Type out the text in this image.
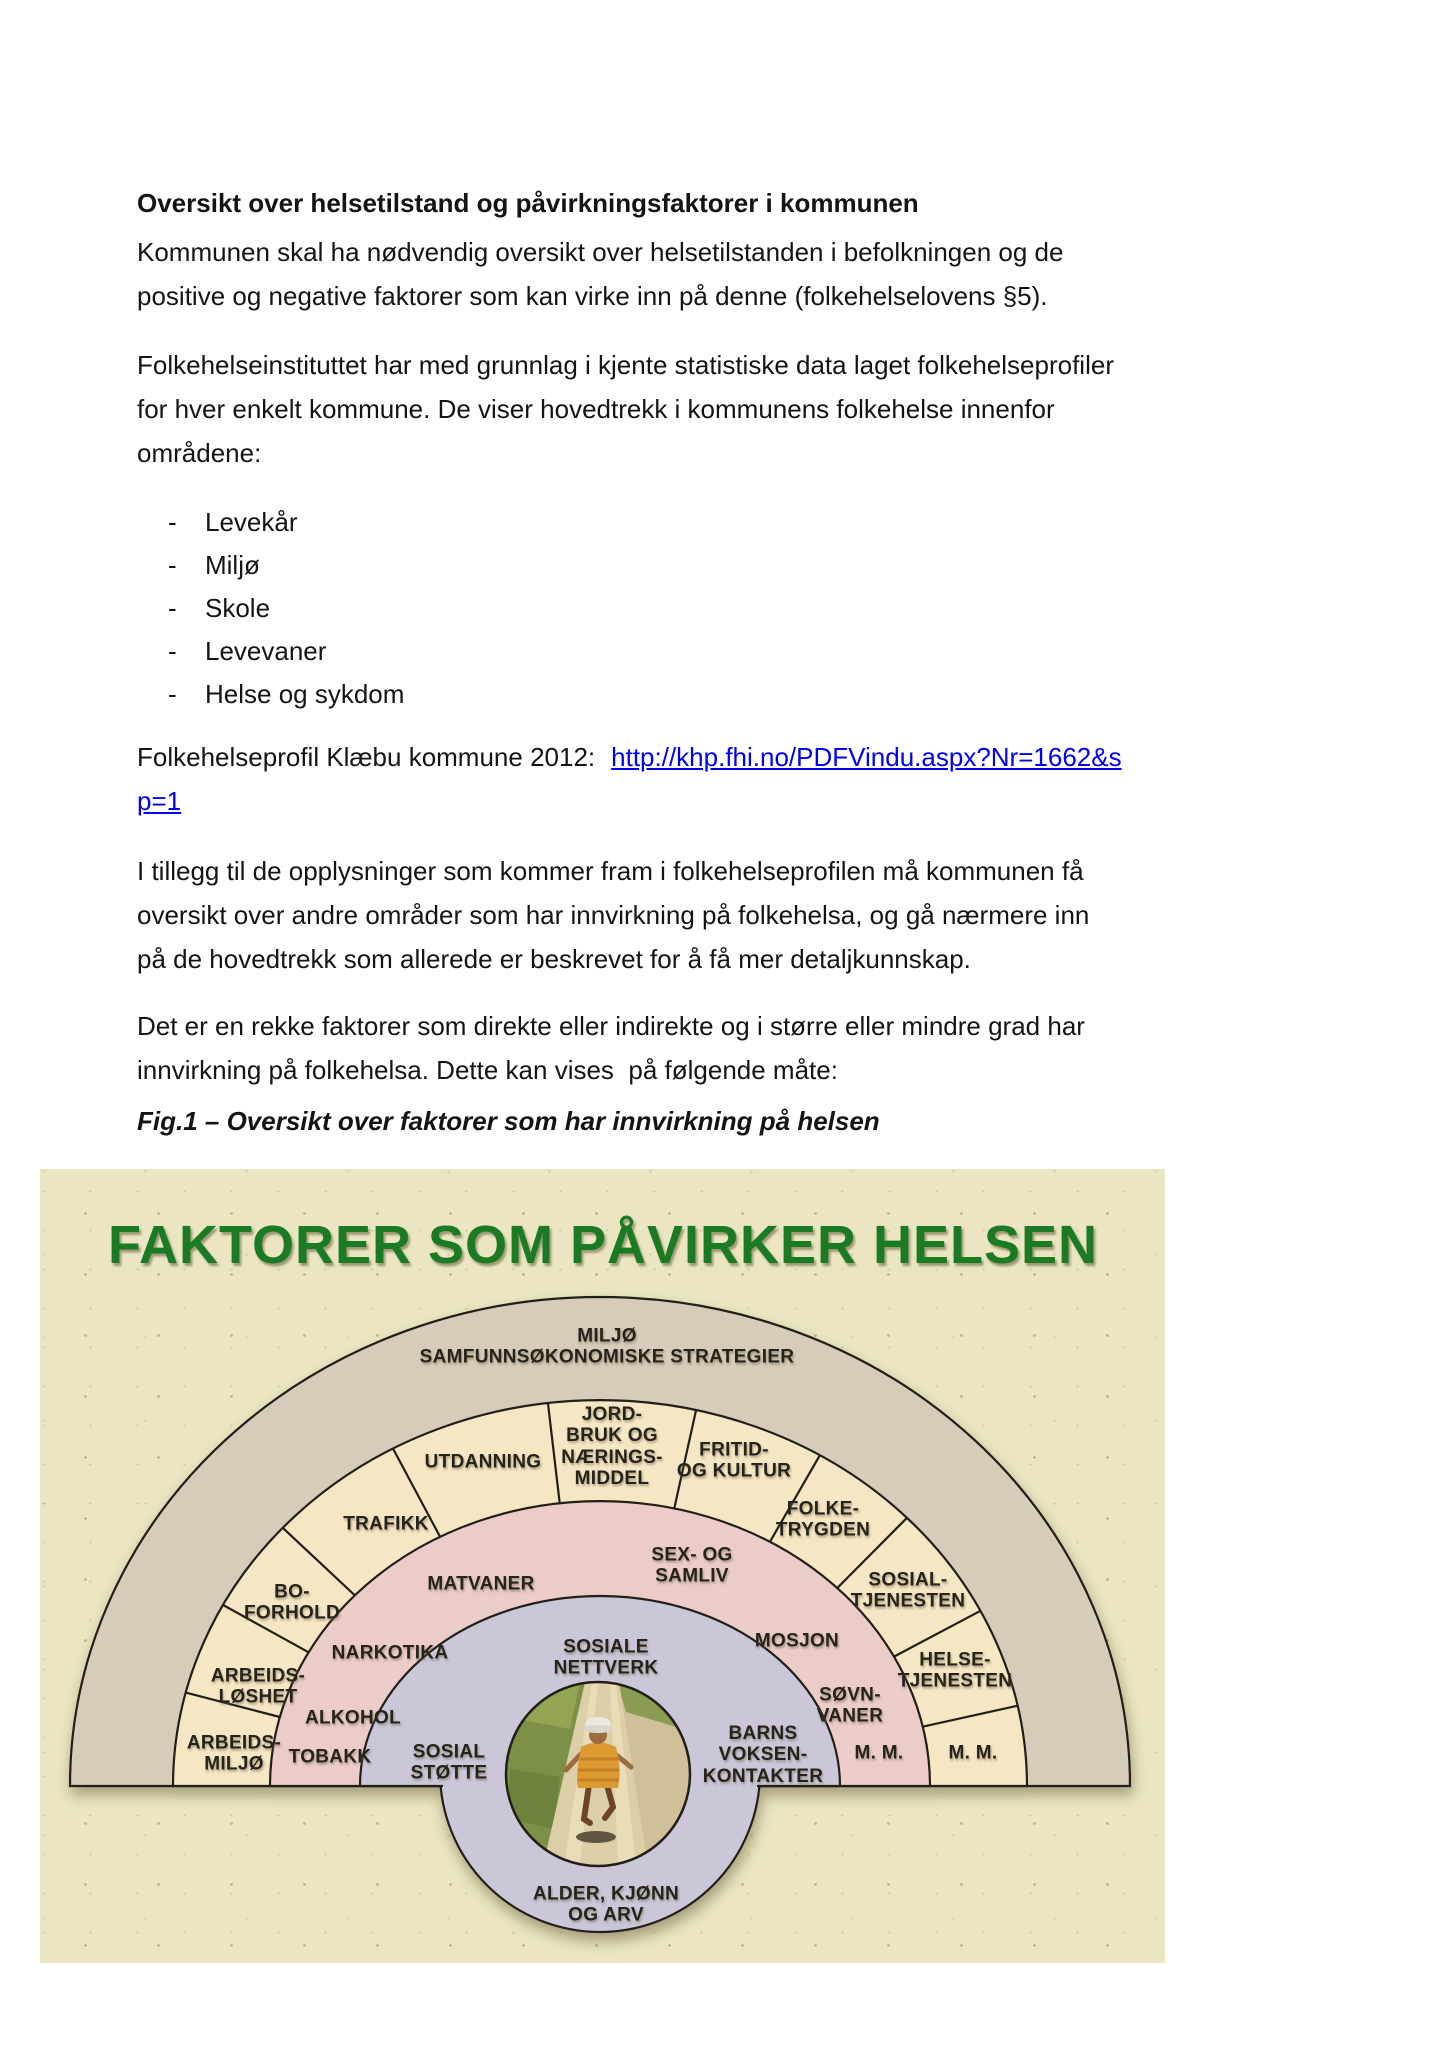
Oversikt over helsetilstand og påvirkningsfaktorer i kommunen

Kommunen skal ha nødvendig oversikt over helsetilstanden i befolkningen og de positive og negative faktorer som kan virke inn på denne (folkehelselovens §5).

Folkehelseinstituttet har med grunnlag i kjente statistiske data laget folkehelseprofiler for hver enkelt kommune. De viser hovedtrekk i kommunens folkehelse innenfor områdene:

-	Levekår
-	Miljø
-	Skole
-	Levevaner
-	Helse og sykdom

Folkehelseprofil Klæbu kommune 2012: http://khp.fhi.no/PDFVindu.aspx?Nr=1662&sp=1

I tillegg til de opplysninger som kommer fram i folkehelseprofilen må kommunen få oversikt over andre områder som har innvirkning på folkehelsa, og gå nærmere inn på de hovedtrekk som allerede er beskrevet for å få mer detaljkunnskap.

Det er en rekke faktorer som direkte eller indirekte og i større eller mindre grad har innvirkning på folkehelsa. Dette kan vises  på følgende måte:

Fig.1 – Oversikt over faktorer som har innvirkning på helsen

FAKTORER SOM PÅVIRKER HELSEN
MILJØ
SAMFUNNSØKONOMISKE STRATEGIER
ARBEIDS-
MILJØ
ARBEIDS-
LØSHET
BO-
FORHOLD
TRAFIKK
UTDANNING
JORD-
BRUK OG
NÆRINGS-
MIDDEL
FRITID-
OG KULTUR
FOLKE-
TRYGDEN
SOSIAL-
TJENESTEN
HELSE-
TJENESTEN
M. M.
TOBAKK
ALKOHOL
NARKOTIKA
MATVANER
SEX- OG
SAMLIV
MOSJON
SØVN-
VANER
M. M.
SOSIAL
STØTTE
SOSIALE
NETTVERK
BARNS
VOKSEN-
KONTAKTER
ALDER, KJØNN
OG ARV
